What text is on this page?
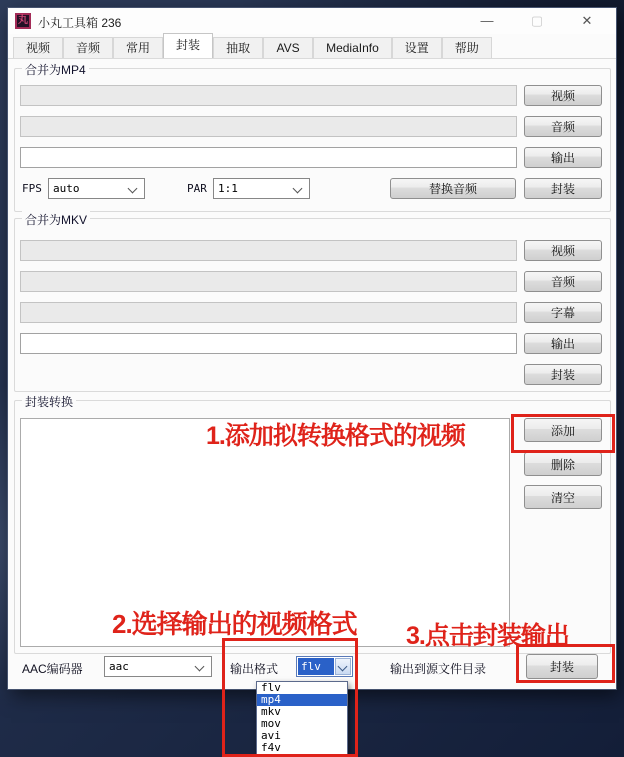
丸 小丸工具箱 236	—	▢	✕
视频	音频	常用	封装	抽取	AVS	MediaInfo	设置	帮助
合并为MP4
视频
音频
输出
FPS auto	PAR 1:1	替换音频	封装
合并为MKV
视频
音频
字幕
输出
封装
封装转换
添加
删除
清空
AAC编码器 aac	输出格式 flv	输出到源文件目录	封装
flv
mp4
mkv
mov
avi
f4v
1.添加拟转换格式的视频
2.选择输出的视频格式 3.点击封装输出
